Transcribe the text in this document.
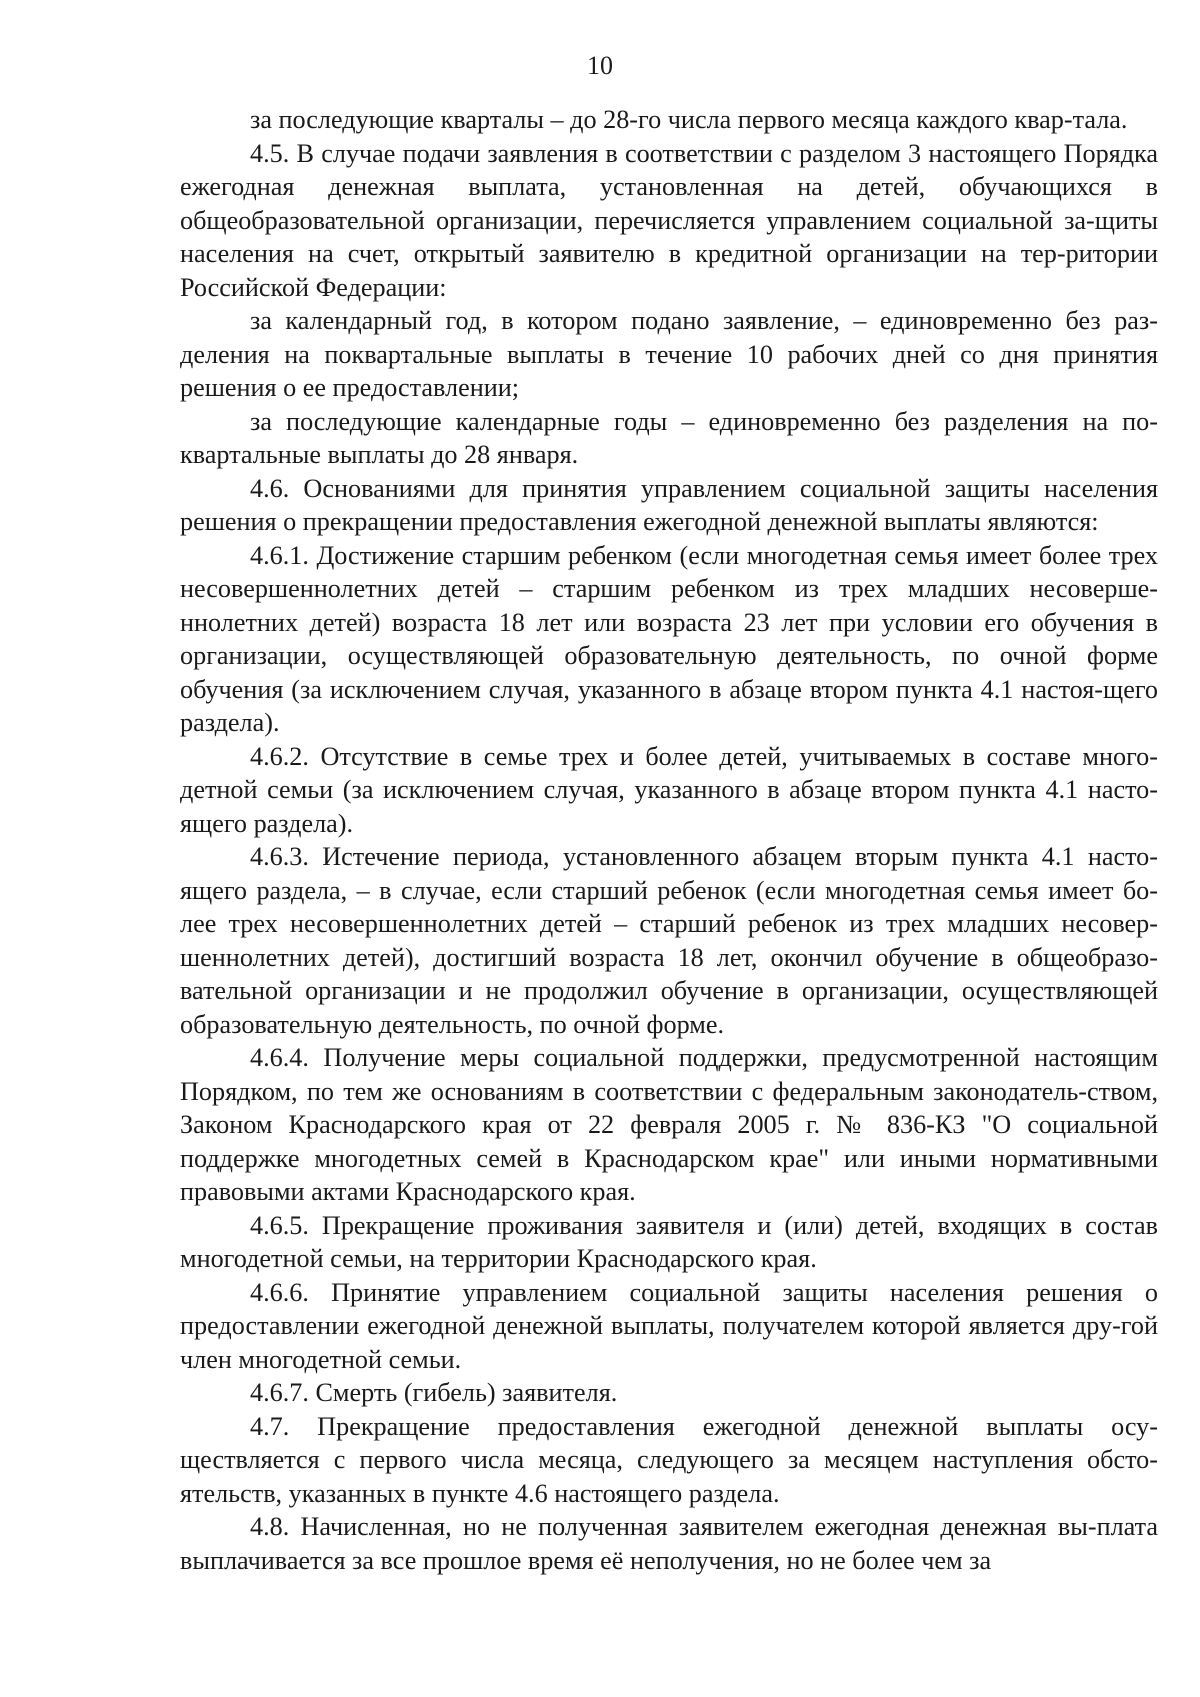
10

за последующие кварталы – до 28-го числа первого месяца каждого квар-тала.

4.5. В случае подачи заявления в соответствии с разделом 3 настоящего Порядка ежегодная денежная выплата, установленная на детей, обучающихся в общеобразовательной организации, перечисляется управлением социальной за-щиты населения на счет, открытый заявителю в кредитной организации на тер-ритории Российской Федерации:

за календарный год, в котором подано заявление, – единовременно без раз-деления на поквартальные выплаты в течение 10 рабочих дней со дня принятия решения о ее предоставлении;

за последующие календарные годы – единовременно без разделения на по-квартальные выплаты до 28 января.

4.6. Основаниями для принятия управлением социальной защиты населения решения о прекращении предоставления ежегодной денежной выплаты являются:

4.6.1. Достижение старшим ребенком (если многодетная семья имеет более трех несовершеннолетних детей – старшим ребенком из трех младших несоверше-ннолетних детей) возраста 18 лет или возраста 23 лет при условии его обучения в организации, осуществляющей образовательную деятельность, по очной форме обучения (за исключением случая, указанного в абзаце втором пункта 4.1 настоя-щего раздела).

4.6.2. Отсутствие в семье трех и более детей, учитываемых в составе много-детной семьи (за исключением случая, указанного в абзаце втором пункта 4.1 насто-ящего раздела).

4.6.3. Истечение периода, установленного абзацем вторым пункта 4.1 насто-ящего раздела, – в случае, если старший ребенок (если многодетная семья имеет бо-лее трех несовершеннолетних детей – старший ребенок из трех младших несовер-шеннолетних детей), достигший возраста 18 лет, окончил обучение в общеобразо-вательной организации и не продолжил обучение в организации, осуществляющей образовательную деятельность, по очной форме.

4.6.4. Получение меры социальной поддержки, предусмотренной настоящим Порядком, по тем же основаниям в соответствии с федеральным законодатель-ством, Законом Краснодарского края от 22 февраля 2005 г. № 836-КЗ "О социальной поддержке многодетных семей в Краснодарском крае" или иными нормативными правовыми актами Краснодарского края.

4.6.5. Прекращение проживания заявителя и (или) детей, входящих в состав многодетной семьи, на территории Краснодарского края.

4.6.6. Принятие управлением социальной защиты населения решения о предоставлении ежегодной денежной выплаты, получателем которой является дру-гой член многодетной семьи.

4.6.7. Смерть (гибель) заявителя.

4.7. Прекращение предоставления ежегодной денежной выплаты осу-ществляется с первого числа месяца, следующего за месяцем наступления обсто-ятельств, указанных в пункте 4.6 настоящего раздела.

4.8. Начисленная, но не полученная заявителем ежегодная денежная вы-плата выплачивается за все прошлое время её неполучения, но не более чем за
